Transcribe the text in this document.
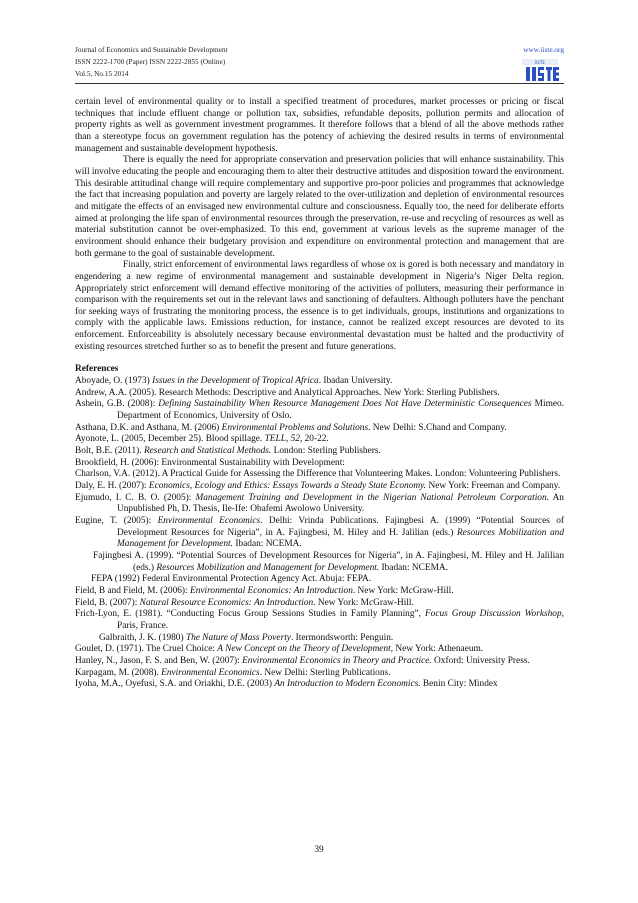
Journal of Economics and Sustainable Development
ISSN 2222-1700 (Paper) ISSN 2222-2855 (Online)
Vol.5, No.15 2014
www.iiste.org
IISTE

certain level of environmental quality or to install a specified treatment of procedures, market processes or pricing or fiscal techniques that include effluent change or pollution tax, subsidies, refundable deposits, pollution permits and allocation of property rights as well as government investment programmes. It therefore follows that a blend of all the above methods rather than a stereotype focus on government regulation has the potency of achieving the desired results in terms of environmental management and sustainable development hypothesis.

There is equally the need for appropriate conservation and preservation policies that will enhance sustainability. This will involve educating the people and encouraging them to alter their destructive attitudes and disposition toward the environment. This desirable attitudinal change will require complementary and supportive pro-poor policies and programmes that acknowledge the fact that increasing population and poverty are largely related to the over-utilization and depletion of environmental resources and mitigate the effects of an envisaged new environmental culture and consciousness. Equally too, the need for deliberate efforts aimed at prolonging the life span of environmental resources through the preservation, re-use and recycling of resources as well as material substitution cannot be over-emphasized. To this end, government at various levels as the supreme manager of the environment should enhance their budgetary provision and expenditure on environmental protection and management that are both germane to the goal of sustainable development.

Finally, strict enforcement of environmental laws regardless of whose ox is gored is both necessary and mandatory in engendering a new regime of environmental management and sustainable development in Nigeria’s Niger Delta region. Appropriately strict enforcement will demand effective monitoring of the activities of polluters, measuring their performance in comparison with the requirements set out in the relevant laws and sanctioning of defaulters. Although polluters have the penchant for seeking ways of frustrating the monitoring process, the essence is to get individuals, groups, institutions and organizations to comply with the applicable laws. Emissions reduction, for instance, cannot be realized except resources are devoted to its enforcement. Enforceability is absolutely necessary because environmental devastation must be halted and the productivity of existing resources stretched further so as to benefit the present and future generations.

References

Aboyade, O. (1973) Issues in the Development of Tropical Africa. Ibadan University.

Andrew, A.A. (2005). Research Methods: Descriptive and Analytical Approaches. New York: Sterling Publishers.

Ashein, G.B. (2008): Defining Sustainability When Resource Management Does Not Have Deterministic Consequences Mimeo. Department of Economics, University of Oslo.

Asthana, D.K. and Asthana, M. (2006) Environmental Problems and Solutions. New Delhi: S.Chand and Company.

Ayonote, L. (2005, December 25). Blood spillage. TELL, 52, 20-22.

Bolt, B.E. (2011). Research and Statistical Methods. London: Sterling Publishers.

Brookfield, H. (2006): Environmental Sustainability with Development:

Charlson, V.A. (2012). A Practical Guide for Assessing the Difference that Volunteering Makes. London: Volunteering Publishers.

Daly, E. H. (2007): Economics, Ecology and Ethics: Essays Towards a Steady State Economy. New York: Freeman and Company.

Ejumudo, I. C. B. O. (2005): Management Training and Development in the Nigerian National Petroleum Corporation. An Unpublished Ph, D. Thesis, Ile-Ife: Obafemi Awolowo University.

Eugine, T. (2005): Environmental Economics. Delhi: Vrinda Publications. Fajingbesi A. (1999) “Potential Sources of Development Resources for Nigeria”, in A. Fajingbesi, M. Hiley and H. Jalilian (eds.) Resources Mobilization and Management for Development. Ibadan: NCEMA.

Fajingbesi A. (1999). “Potential Sources of Development Resources for Nigeria”, in A. Fajingbesi, M. Hiley and H. Jalilian (eds.) Resources Mobilization and Management for Development. Ibadan: NCEMA.

FEPA (1992) Federal Environmental Protection Agency Act. Abuja: FEPA.

Field, B and Field, M. (2006): Environmental Economics: An Introduction. New York: McGraw-Hill.

Field, B. (2007): Natural Resource Economics: An Introduction. New York: McGraw-Hill.

Frich-Lyon, E. (1981). “Conducting Focus Group Sessions Studies in Family Planning”, Focus Group Discussion Workshop, Paris, France.

Galbraith, J. K. (1980) The Nature of Mass Poverty. Itermondsworth: Penguin.

Goulet, D. (1971). The Cruel Choice: A New Concept on the Theory of Development, New York: Athenaeum.

Hanley, N., Jason, F. S. and Ben, W. (2007): Environmental Economics in Theory and Practice. Oxford: University Press.

Karpagam, M. (2008). Environmental Economics. New Delhi: Sterling Publications.

Iyoha, M.A., Oyefusi, S.A. and Oriakhi, D.E. (2003) An Introduction to Modern Economics. Benin City: Mindex

39
